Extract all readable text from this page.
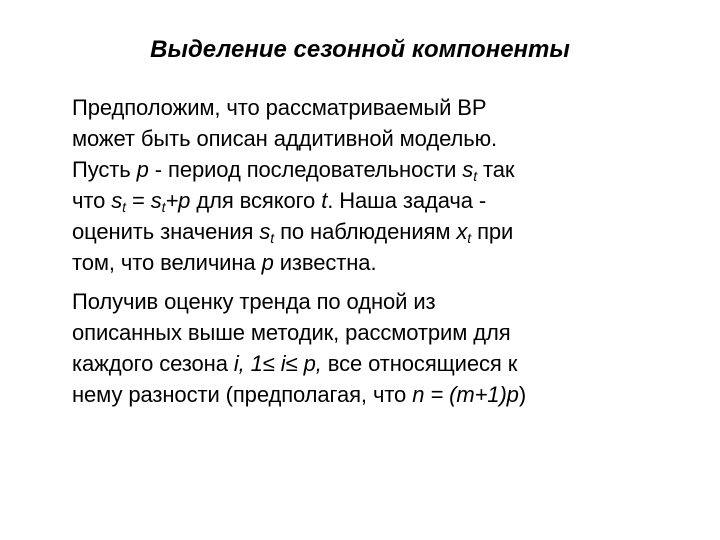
Выделение сезонной компоненты

Предположим, что рассматриваемый ВР
может быть описан аддитивной моделью.
Пусть p - период последовательности $s_t$ так
что $s_t = s_t+p$ для всякого t. Наша задача -
оценить значения $s_t$ по наблюдениям $x_t$ при
том, что величина p известна.

Получив оценку тренда по одной из
описанных выше методик, рассмотрим для
каждого сезона i, 1≤ i≤ p, все относящиеся к
нему разности (предполагая, что n = (m+1)p)
